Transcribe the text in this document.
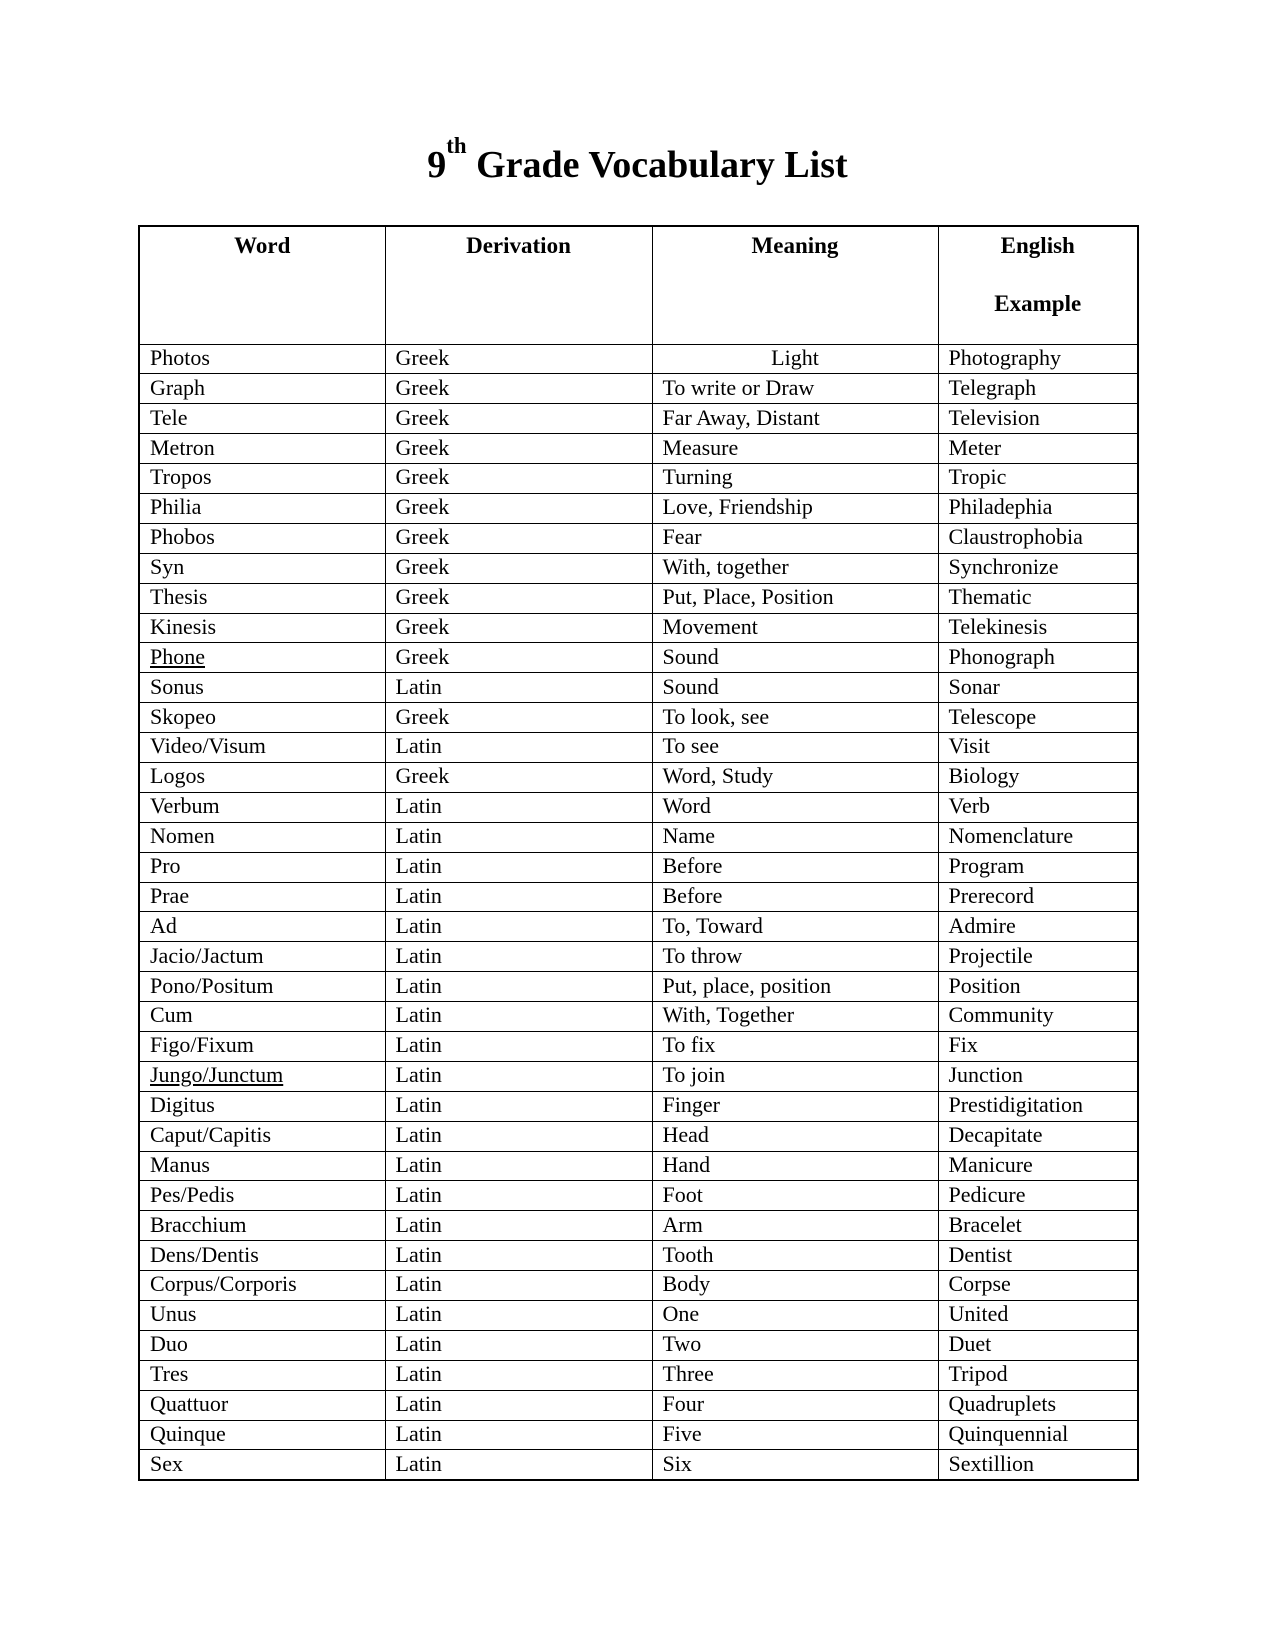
9th Grade Vocabulary List
Word	Derivation	Meaning	English
Example

Photos	Greek	Light	Photography
Graph	Greek	To write or Draw	Telegraph
Tele	Greek	Far Away, Distant	Television
Metron	Greek	Measure	Meter
Tropos	Greek	Turning	Tropic
Philia	Greek	Love, Friendship	Philadephia
Phobos	Greek	Fear	Claustrophobia
Syn	Greek	With, together	Synchronize
Thesis	Greek	Put, Place, Position	Thematic
Kinesis	Greek	Movement	Telekinesis
Phone	Greek	Sound	Phonograph
Sonus	Latin	Sound	Sonar
Skopeo	Greek	To look, see	Telescope
Video/Visum	Latin	To see	Visit
Logos	Greek	Word, Study	Biology
Verbum	Latin	Word	Verb
Nomen	Latin	Name	Nomenclature
Pro	Latin	Before	Program
Prae	Latin	Before	Prerecord
Ad	Latin	To, Toward	Admire
Jacio/Jactum	Latin	To throw	Projectile
Pono/Positum	Latin	Put, place, position	Position
Cum	Latin	With, Together	Community
Figo/Fixum	Latin	To fix	Fix
Jungo/Junctum	Latin	To join	Junction
Digitus	Latin	Finger	Prestidigitation
Caput/Capitis	Latin	Head	Decapitate
Manus	Latin	Hand	Manicure
Pes/Pedis	Latin	Foot	Pedicure
Bracchium	Latin	Arm	Bracelet
Dens/Dentis	Latin	Tooth	Dentist
Corpus/Corporis	Latin	Body	Corpse
Unus	Latin	One	United
Duo	Latin	Two	Duet
Tres	Latin	Three	Tripod
Quattuor	Latin	Four	Quadruplets
Quinque	Latin	Five	Quinquennial
Sex	Latin	Six	Sextillion
